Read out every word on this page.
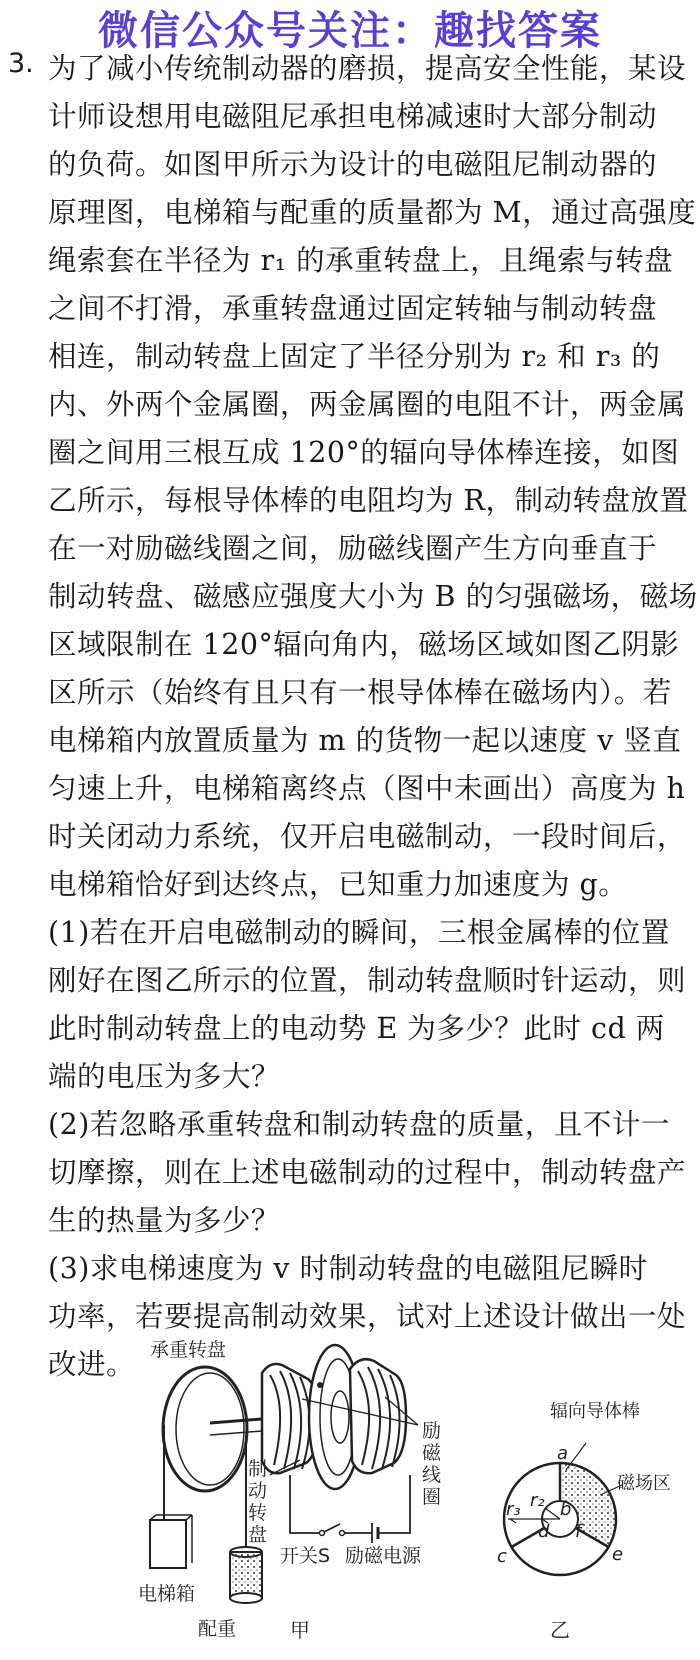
微信公众号关注：趣找答案
3. 为了减小传统制动器的磨损，提高安全性能，某设
计师设想用电磁阻尼承担电梯减速时大部分制动
的负荷。如图甲所示为设计的电磁阻尼制动器的
原理图，电梯箱与配重的质量都为 M，通过高强度
绳索套在半径为 r₁ 的承重转盘上，且绳索与转盘
之间不打滑，承重转盘通过固定转轴与制动转盘
相连，制动转盘上固定了半径分别为 r₂ 和 r₃ 的
内、外两个金属圈，两金属圈的电阻不计，两金属
圈之间用三根互成 120°的辐向导体棒连接，如图
乙所示，每根导体棒的电阻均为 R，制动转盘放置
在一对励磁线圈之间，励磁线圈产生方向垂直于
制动转盘、磁感应强度大小为 B 的匀强磁场，磁场
区域限制在 120°辐向角内，磁场区域如图乙阴影
区所示（始终有且只有一根导体棒在磁场内）。若
电梯箱内放置质量为 m 的货物一起以速度 v 竖直
匀速上升，电梯箱离终点（图中未画出）高度为 h
时关闭动力系统，仅开启电磁制动，一段时间后，
电梯箱恰好到达终点，已知重力加速度为 g。
(1)若在开启电磁制动的瞬间，三根金属棒的位置
刚好在图乙所示的位置，制动转盘顺时针运动，则
此时制动转盘上的电动势 E 为多少？此时 cd 两
端的电压为多大？
(2)若忽略承重转盘和制动转盘的质量，且不计一
切摩擦，则在上述电磁制动的过程中，制动转盘产
生的热量为多少？
(3)求电梯速度为 v 时制动转盘的电磁阻尼瞬时
功率，若要提高制动效果，试对上述设计做出一处
改进。 承重转盘
制
动
转
盘
励
磁
线
圈
开关S 励磁电源
电梯箱
配重	甲
辐向导体棒
磁场区
a
b
c
d
e
f
r₂
r₃
乙
